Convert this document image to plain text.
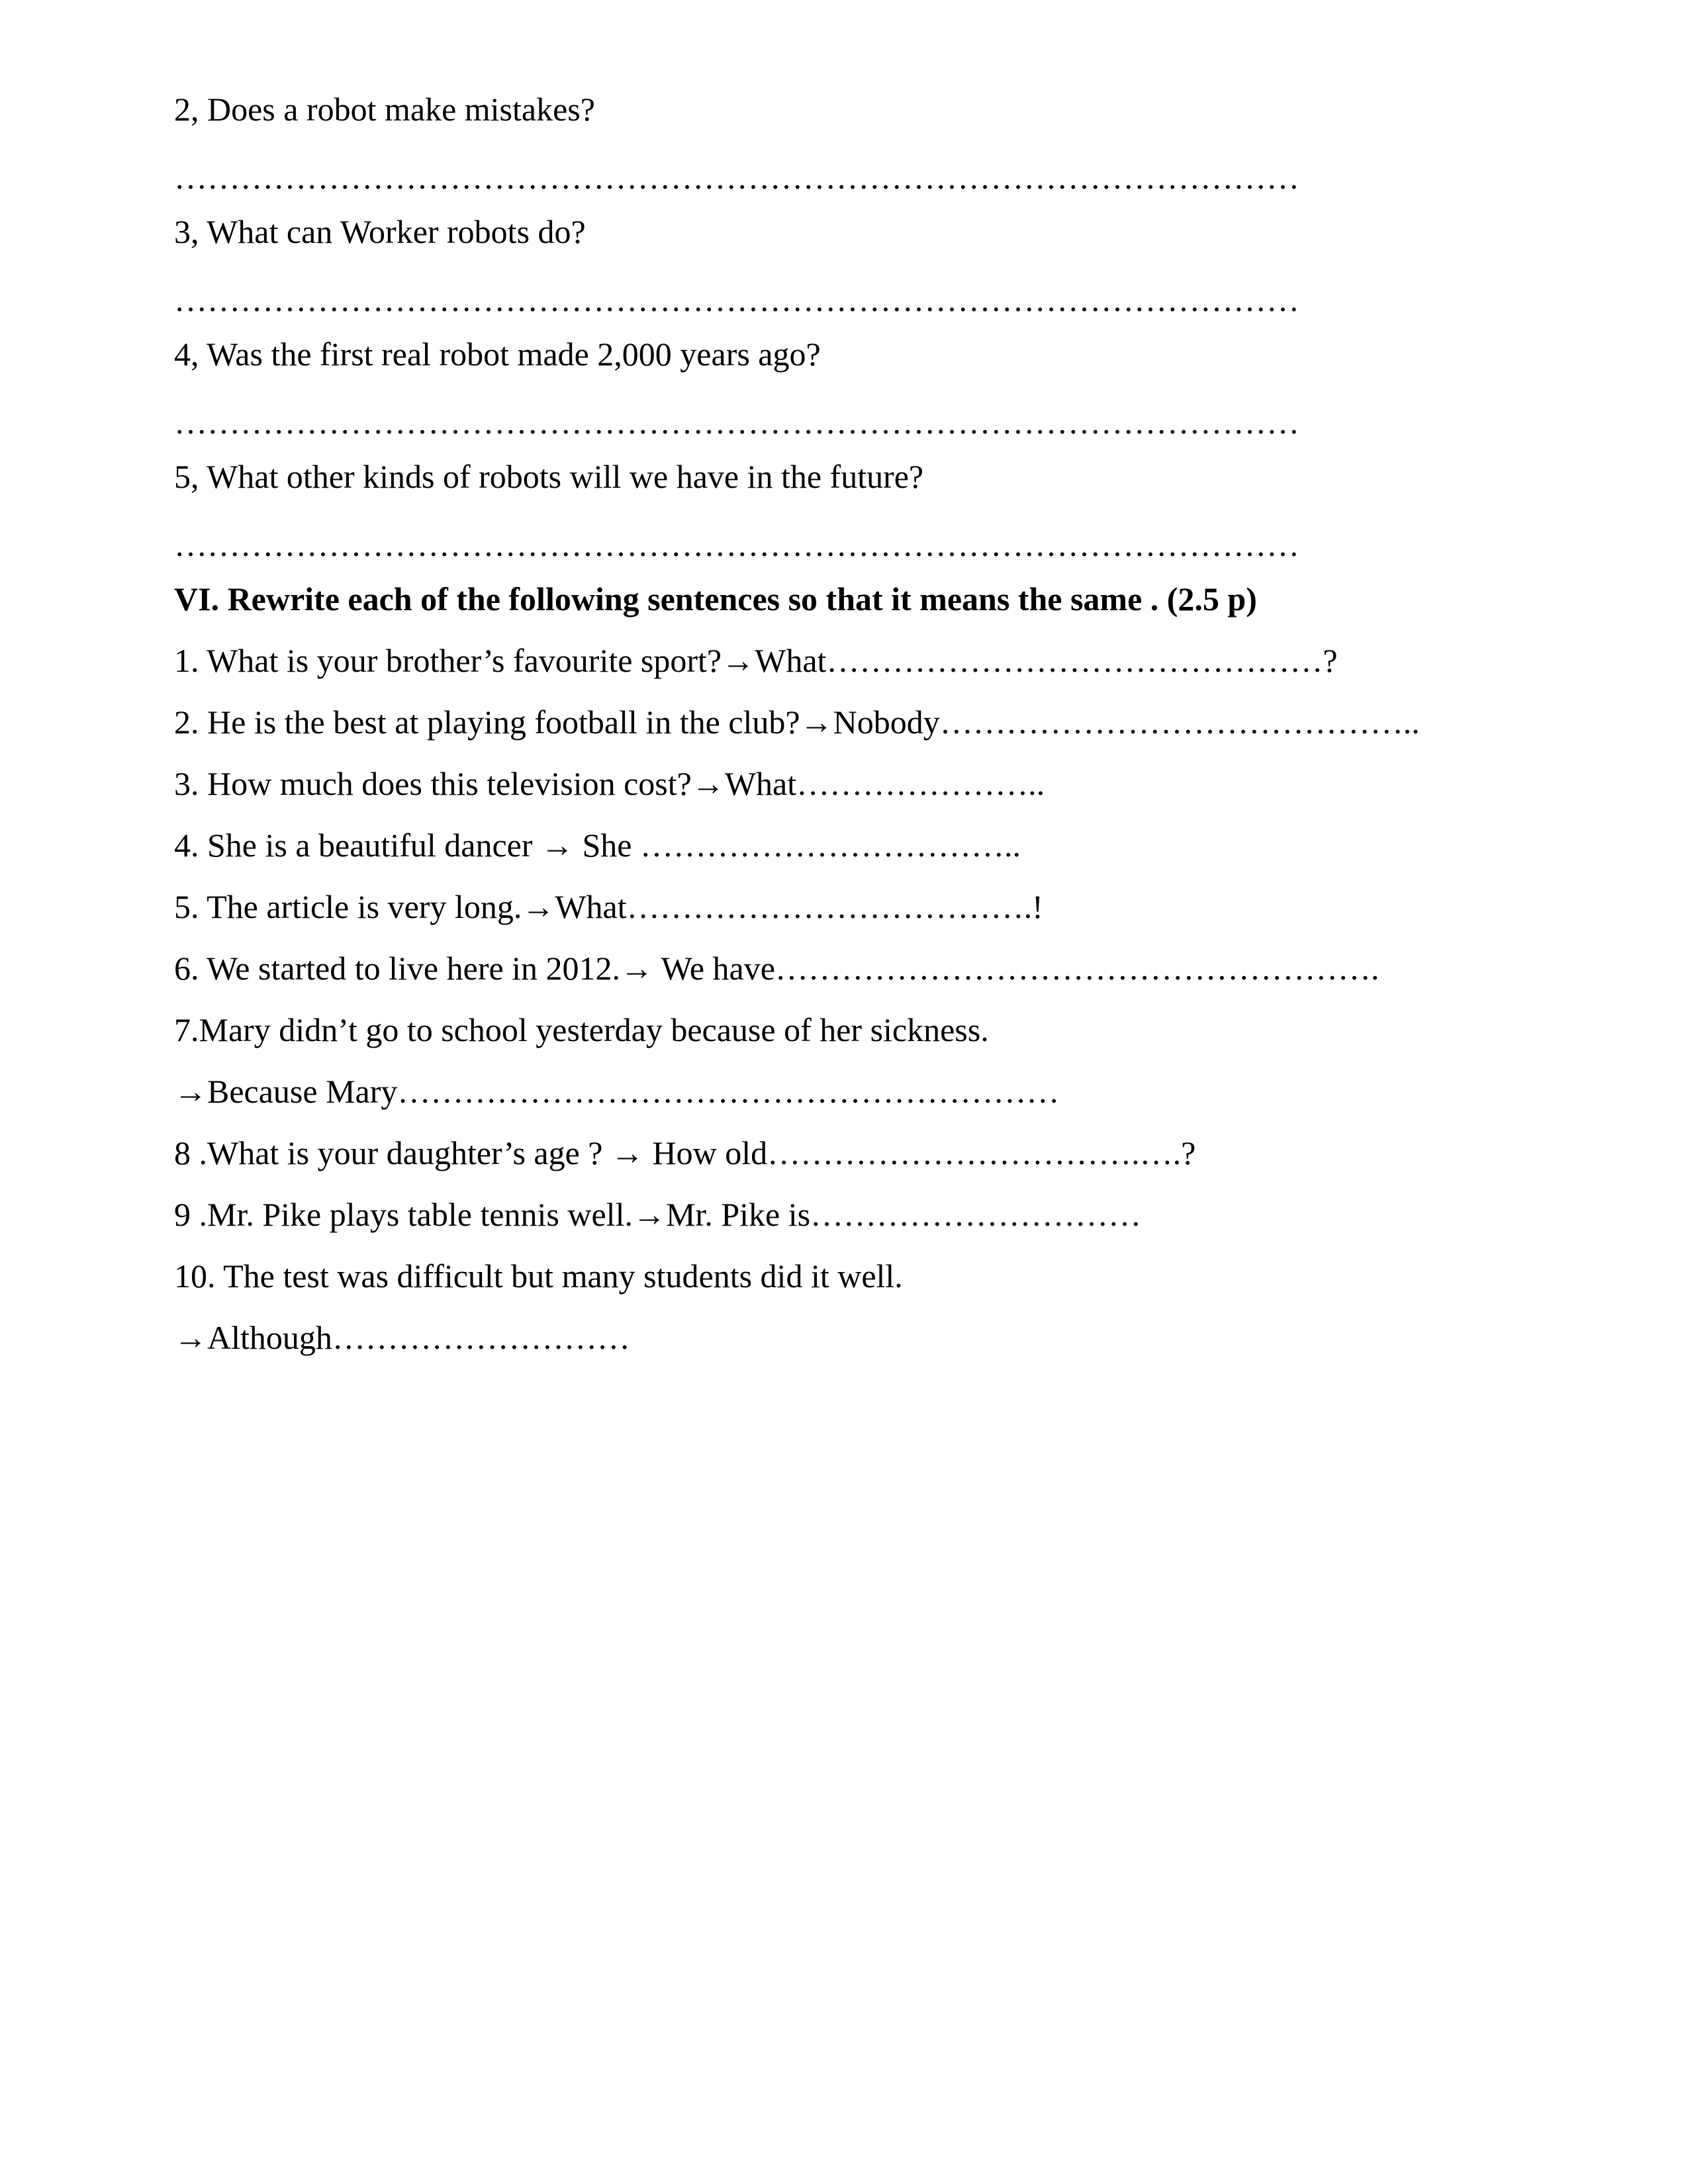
2, Does a robot make mistakes?
…………………………………………………………………………………………
3, What can Worker robots do?
…………………………………………………………………………………………
4, Was the first real robot made 2,000 years ago?
…………………………………………………………………………………………
5, What other kinds of robots will we have in the future?
…………………………………………………………………………………………
VI. Rewrite each of the following sentences so that it means the same . (2.5 p)
1. What is your brother’s favourite sport?→What………………………………………?
2. He is the best at playing football in the club?→Nobody……………………………………..
3. How much does this television cost?→What…………………..
4. She is a beautiful dancer → She ……………………………..
5. The article is very long.→What……………………………….!
6. We started to live here in 2012.→ We have……………………………………………….
7.Mary didn’t go to school yesterday because of her sickness.
→Because Mary……………………………………………………
8 .What is your daughter’s age ? → How old…………………………….….?
9 .Mr. Pike plays table tennis well.→Mr. Pike is…………………………
10. The test was difficult but many students did it well.
→Although………………………
